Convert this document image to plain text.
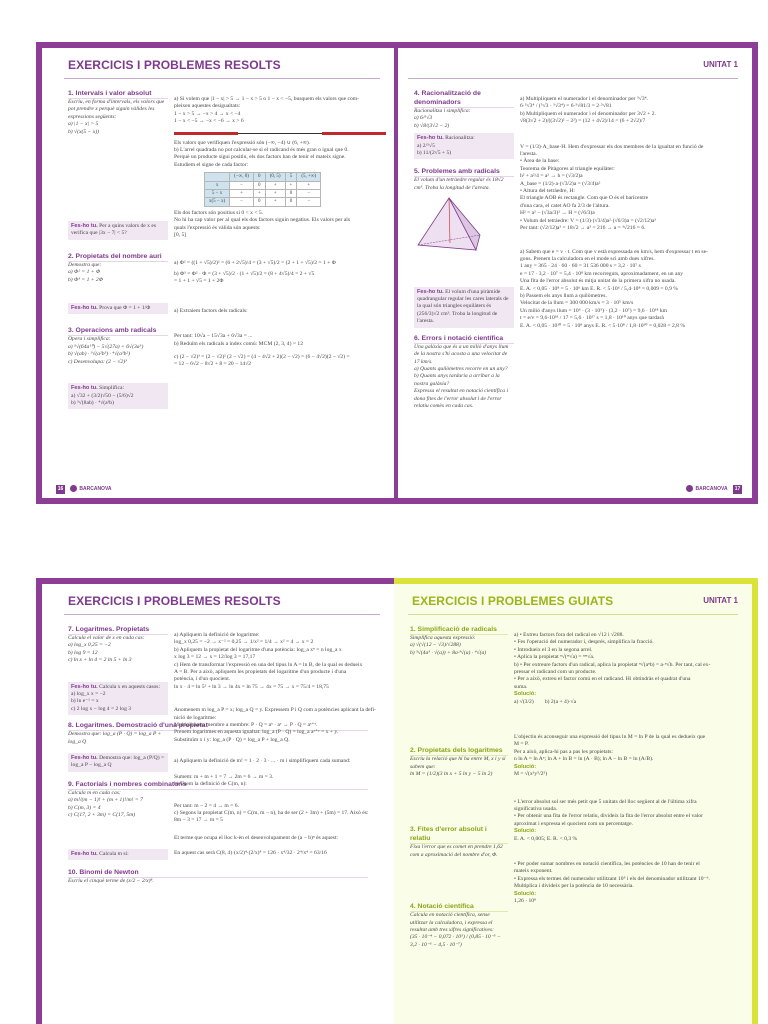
EXERCICIS I PROBLEMES RESOLTS
1. Intervals i valor absolut
Escriu, en forma d'intervals, els valors que pot prendre x perquè siguin vàlides les expressions següents:
a) |1 − x| > 5
b) √(x(5 − x))
Fes-ho tu. Per a quins valors de x es verifica que |3x − 7| < 5?
2. Propietats del nombre auri
Demostra que:
a) Φ² = 1 + Φ
b) Φ³ = 1 + 2Φ
Fes-ho tu. Prova que Φ = 1 + 1/Φ
3. Operacions amb radicals
Opera i simplifica:
a) ⁵√(64a¹⁰) − 5√(27a) + 6√(3a⁵)
b) √(ab) · ³√(a²b³) · ⁴√(a³b²)
c) Desenvolupa: (2 − √2)³
Fes-ho tu. Simplifica:
a) √32 + (3/2)√50 − (5/6)√2
b) ³√(8ab) · ⁴√(a³b)
a) Si volem que |1 − x| > 5 → 1 − x > 5 o 1 − x < −5, busquem els valors que com-
pleixen aquestes desigualtats:
1 − x > 5 → −x > 4 → x < −4
1 − x < −5 → −x < −6 → x > 6
Els valors que verifiquen l'expressió són (−∞, −4) ∪ (6, +∞).
b) L'arrel quadrada no pot calcular-se si el radicand és més gran o igual que 0.
Perquè un producte sigui positiu, els dos factors han de tenir el mateix signe.
Estudiem el signe de cada factor:
	(−∞, 0)	0	(0, 5)	5	(5, +∞)
x	−	0	+	+	+
5 − x	+	+	+	0	−
x(5 − x)	−	0	+	0	−
Els dos factors són positius si 0 < x < 5.
No hi ha cap valor per al qual els dos factors siguin negatius. Els valors per als
quals l'expressió és vàlida són aquests:
[0, 5]
a) Φ² = ((1 + √5)/2)² = (6 + 2√5)/4 = (3 + √5)/2 = (2 + 1 + √5)/2 = 1 + Φ
b) Φ³ = Φ² · Φ = (3 + √5)/2 · (1 + √5)/2 = (8 + 4√5)/4 = 2 + √5
= 1 + 1 + √5 = 1 + 2Φ
a) Extraiem factors dels radicals:
Per tant: 10√a − 15√3a + 6√3a = ...
b) Reduïm els radicals a índex comú: MCM (2, 3, 4) = 12
c) (2 − √2)³ = (2 − √2)² (2 − √2) = (4 − 4√2 + 2)(2 − √2) = (6 − 4√2)(2 − √2) =
= 12 − 6√2 − 8√2 + 8 = 20 − 14√2
16	BARCANOVA
UNITAT 1
4. Racionalització de denominadors
Racionalitza i simplifica:
a) 6/⁵√3
b) √8/(3√2 − 2)
Fes-ho tu. Racionalitza:
a) 2/⁵√5
b) 11/(2√5 + 5)
5. Problemes amb radicals
El volum d'un tetràedre regular és 18√2 cm³. Troba la longitud de l'aresta.
Fes-ho tu. El volum d'una piràmide quadrangular regular les cares laterals de la qual són triangles equilàters és (256/3)√2 cm³. Troba la longitud de l'aresta.
6. Errors i notació científica
Una galàxia que és a un milió d'anys llum de la nostra s'hi acosta a una velocitat de 17 km/s.
a) Quants quilòmetres recorre en un any?
b) Quants anys tardaria a arribar a la nostra galàxia?
Expressa el resultat en notació científica i dona fites de l'error absolut i de l'error relatiu comès en cada cas.
a) Multipliquem el numerador i el denominador per ⁵√3⁴.
6·⁵√3⁴ / (⁵√3 · ⁵√3⁴) = 6·⁵√81/3 = 2·⁵√81
b) Multipliquem el numerador i el denominador per 3√2 + 2.
√8(3√2 + 2)/((3√2)² − 2²) = (12 + 4√2)/14 = (6 + 2√2)/7
V = (1/3)·A_base·H. Hem d'expressar els dos membres de la igualtat en funció de
l'aresta.
• Àrea de la base:
Teorema de Pitàgores al triangle equilàter:
h² + a²/4 = a² → h = (√3/2)a
A_base = (1/2)·a·(√3/2)a = (√3/4)a²
• Altura del tetràedre, H:
El triangle AOB és rectangle. Com que O és el baricentre
d'una cara, el catet AO fa 2/3 de l'altura.
H² = a² − (√3a/3)² → H = (√6/3)a
• Volum del tetràedre: V = (1/3)·(√3/4)a²·(√6/3)a = (√2/12)a³
Per tant: (√2/12)a³ = 18√2 → a³ = 216 → a = ³√216 = 6.
a) Sabem que e = v · t. Com que v està expressada en km/s, hem d'expressar t en se-
gons. Prenem la calculadora en el mode sci amb dues xifres.
1 any = 365 · 24 · 60 · 60 = 31 536 000 s = 3,2 · 10⁷ s
e = 17 · 3,2 · 10⁷ = 5,4 · 10⁸ km recorreguts, aproximadament, en un any
Una fita de l'error absolut és mitja unitat de la primera xifra no usada.
E. A. < 0,05 · 10⁸ = 5 · 10⁶ km E. R. < 5·10⁶ / 5,4·10⁸ = 0,009 = 0,9 %
b) Passem els anys llum a quilòmetres.
Velocitat de la llum = 300 000 km/s = 3 · 10⁵ km/s
Un milió d'anys llum = 10⁶ · (3 · 10⁵) · (3,2 · 10⁷) = 9,6 · 10¹⁸ km
t = e/v = 9,6·10¹⁸ / 17 = 5,6 · 10¹⁷ s = 1,8 · 10¹⁰ anys que tardarà
E. A. < 0,05 · 10¹⁰ = 5 · 10⁸ anys E. R. < 5·10⁸ / 1,8·10¹⁰ = 0,028 = 2,8 %
BARCANOVA 17
EXERCICIS I PROBLEMES RESOLTS
7. Logaritmes. Propietats
Calcula el valor de x en cada cas:
a) log_x 0,25 = −2
b) log 9 = 12
c) ln x + ln 4 = 2 ln 5 + ln 3
Fes-ho tu. Calcula x en aquests casos:
a) log_x x = −2
b) ln e⁻¹ = x
c) 2 log x − log 4 = 2 log 3
8. Logaritmes. Demostració d'una propietat
Demostra que: log_a (P · Q) = log_a P + log_a Q
Fes-ho tu. Demostra que: log_a (P/Q) = log_a P − log_a Q
9. Factorials i nombres combinatoris
Calcula m en cada cas:
a) m!/(m − 1)! + (m + 1)!/m! = 7
b) C(m, 3) = 4
c) C(17, 2 + 3m) = C(17, 5m)
Fes-ho tu. Calcula m si:
10. Binomi de Newton
Escriu el cinquè terme de (x/2 − 2/x)⁸.
a) Apliquem la definició de logaritme:
log_x 0,25 = −2 → x⁻² = 0,25 → 1/x² = 1/4 → x² = 4 → x = 2
b) Apliquem la propietat del logaritme d'una potència: log_a xⁿ = n log_a x
x log 3 = 12 → x = 12/log 3 = 17,17
c) Hem de transformar l'expressió en una del tipus ln A = ln B, de la qual es dedueix
A = B. Per a això, apliquem les propietats del logaritme d'un producte i d'una
potència, i d'un quocient.
ln x · 4 = ln 5² + ln 3 → ln 4x = ln 75 → 4x = 75 → x = 75/4 = 18,75
Anomenem m log_a P = x; log_a Q = y. Expressem P i Q com a potències aplicant la defi-
nició de logaritme:
Multipliquem membre a membre: P · Q = aˣ · aʸ → P · Q = aˣ⁺ʸ.
Prenem logaritmes en aquesta igualtat: log_a (P · Q) = log_a aˣ⁺ʸ = x + y.
Substituïm x i y: log_a (P · Q) = log_a P + log_a Q.
a) Apliquem la definició de m! = 1 · 2 · 3 · ... · m i simplifiquem cada sumand:
Sumem: m + m + 1 = 7 → 2m = 6 → m = 3.
b) Usem la definició de C(m, n):
Per tant: m − 2 = 4 → m = 6.
c) Segons la propietat C(m, n) = C(m, m − n), ha de ser (2 + 3m) + (5m) = 17. Això és:
8m − 3 = 17 → m = 5
El terme que ocupa el lloc k-èn el desenvolupament de (a − b)ⁿ és aquest:
En aquest cas serà C(8, 4)·(x/2)⁴·(2/x)⁴ = 126 · x⁴/32 · 2⁴/x⁴ = 63/16
EXERCICIS I PROBLEMES GUIATS	UNITAT 1
1. Simplificació de radicals
Simplifica aquesta expressió:
a) √(√(12 − √3)/√288)
b) ³√(4a³ · √(a)) + 8a·³√(a) · ⁴√(a)
2. Propietats dels logaritmes
Escriu la relació que hi ha entre M, x i y si sabem que:
ln M = (1/2)(3 ln x + 5 ln y − 5 ln 2)
3. Fites d'error absolut i relatiu
Fixa l'error que es comet en prendre 1,62 com a aproximació del nombre d'or, Φ.
4. Notació científica
Calcula en notació científica, sense utilitzar la calculadora, i expressa el resultat amb tres xifres significatives:
(35 · 10⁻⁴ − 0,072 · 10⁵) / (0,85 · 10⁻⁵ − 3,2 · 10⁻⁶ − 4,5 · 10⁻⁷)
a) • Extreu factors fora del radical en √12 i √288.
• Fes l'operació del numerador i, després, simplifica la fracció.
• Introdueix el 3 en la segona arrel.
• Aplica la propietat ⁿ√(ᵐ√a) = ⁿᵐ√a.
b) • Per extreure factors d'un radical, aplica la propietat ⁿ√(aⁿb) = a·ⁿ√b. Per tant, cal ex-
pressar el radicand com un producte.
• Per a això, extreu el factor comú en el radicand. Hi obtindràs el quadrat d'una
suma.
Solució:
a) √(3/2) b) 2(a + 4)·√a
L'objectiu és aconseguir una expressió del tipus ln M = ln P de la qual es dedueix que
M = P.
Per a això, aplica-hi pas a pas les propietats:
n ln A = ln Aⁿ; ln A + ln B = ln (A · B); ln A − ln B = ln (A/B).
Solució:
M = √(x³y⁵/2⁵)
• L'error absolut sol ser més petit que 5 unitats del lloc següent al de l'última xifra
significativa usada.
• Per obtenir una fita de l'error relatiu, divideix la fita de l'error absolut entre el valor
aproximat i expressa el quocient com un percentatge.
Solució:
E. A. < 0,005; E. R. < 0,3 %
• Per poder sumar nombres en notació científica, les potències de 10 han de tenir el
mateix exponent.
• Expressa els termes del numerador utilitzant 10⁵ i els del denominador utilitzant 10⁻⁶.
Multiplica i divideix per la potència de 10 necessària.
Solució:
1,26 · 10⁹
